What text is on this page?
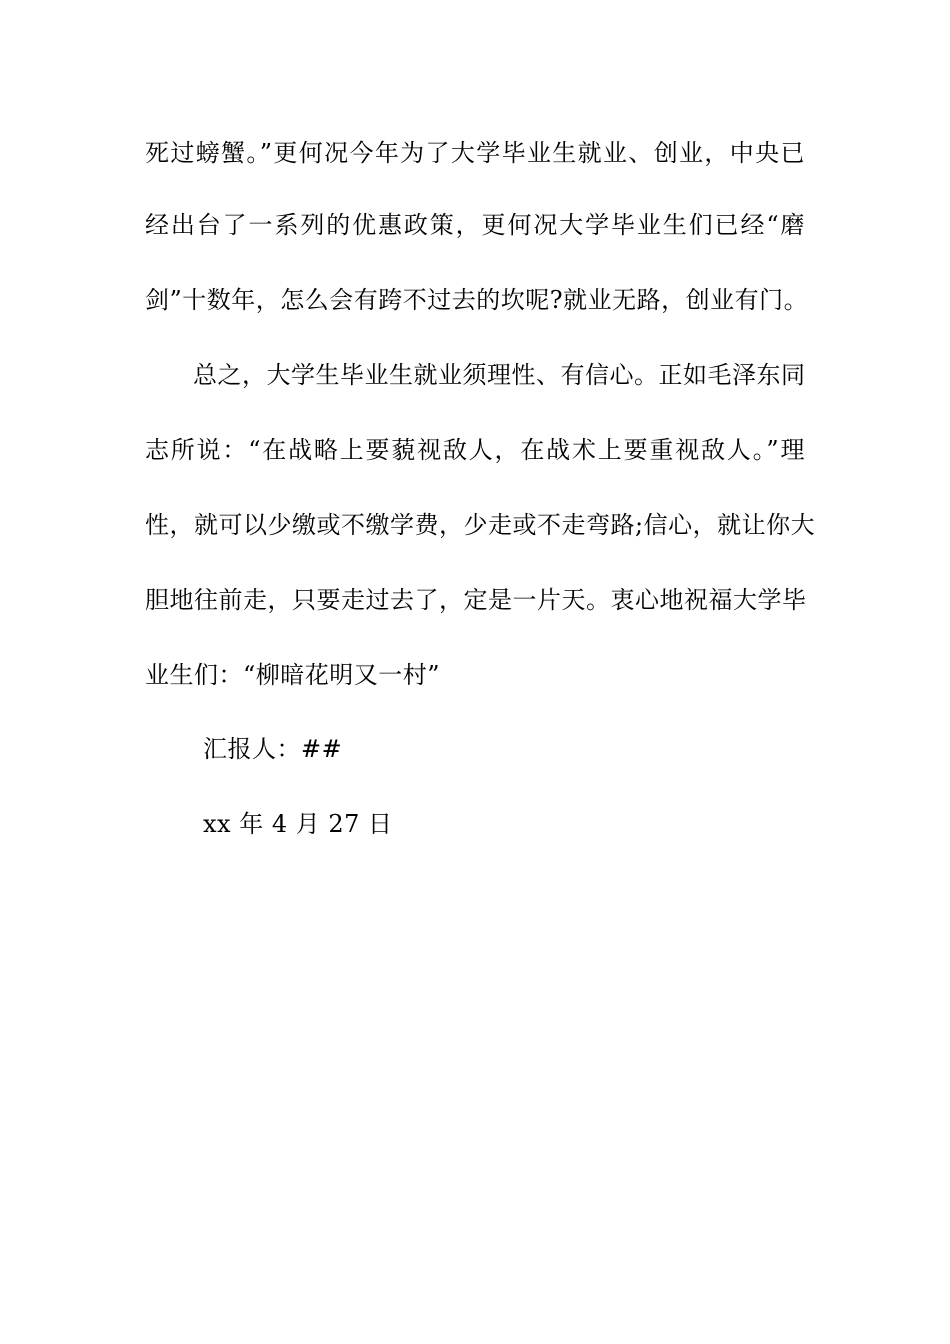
死过螃蟹。”更何况今年为了大学毕业生就业、创业，中央已
经出台了一系列的优惠政策，更何况大学毕业生们已经“磨
剑”十数年，怎么会有跨不过去的坎呢?就业无路，创业有门。
总之，大学生毕业生就业须理性、有信心。正如毛泽东同
志所说：“在战略上要藐视敌人，在战术上要重视敌人。”理
性，就可以少缴或不缴学费，少走或不走弯路;信心，就让你大
胆地往前走，只要走过去了，定是一片天。衷心地祝福大学毕
业生们：“柳暗花明又一村”
汇报人：##
xx 年 4 月 27 日
